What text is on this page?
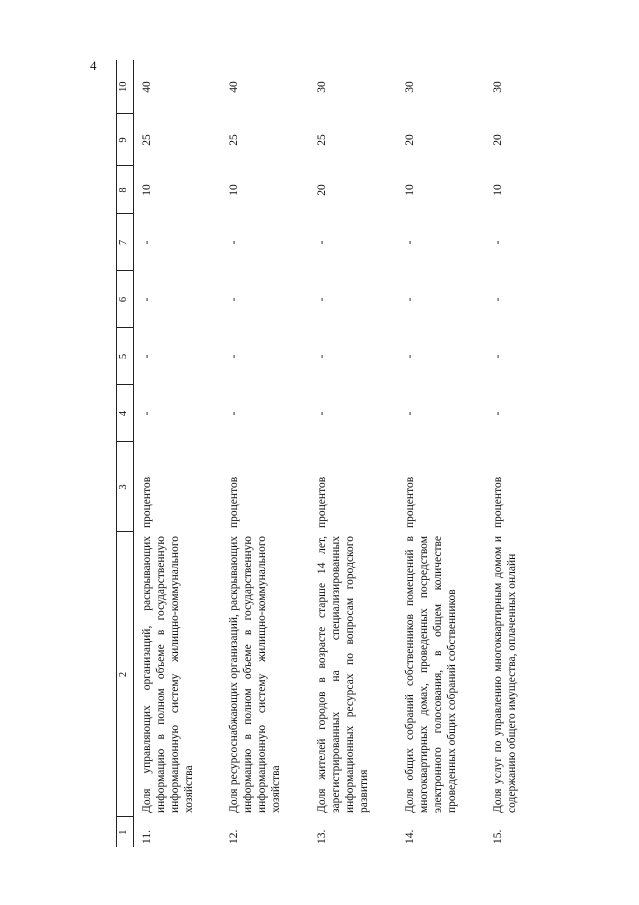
4
1	2	3	4	5	6	7	8	9	10
11.	Доля управляющих организаций, раскрывающих информацию в полном объеме в государственную информационную систему жилищно-коммунального хозяйства	процентов	-	-	-	-	10	25	40
12.	Доля ресурсоснабжающих организаций, раскрывающих информацию в полном объеме в государственную информационную систему жилищно-коммунального хозяйства	процентов	-	-	-	-	10	25	40
13.	Доля жителей городов в возрасте старше 14 лет, зарегистрированных на специализированных информационных ресурсах по вопросам городского развития	процентов	-	-	-	-	20	25	30
14.	Доля общих собраний собственников помещений в многоквартирных домах, проведенных посредством электронного голосования, в общем количестве проведенных общих собраний собственников	процентов	-	-	-	-	10	20	30
15.	Доля услуг по управлению многоквартирным домом и содержанию общего имущества, оплаченных онлайн	процентов	-	-	-	-	10	20	30
